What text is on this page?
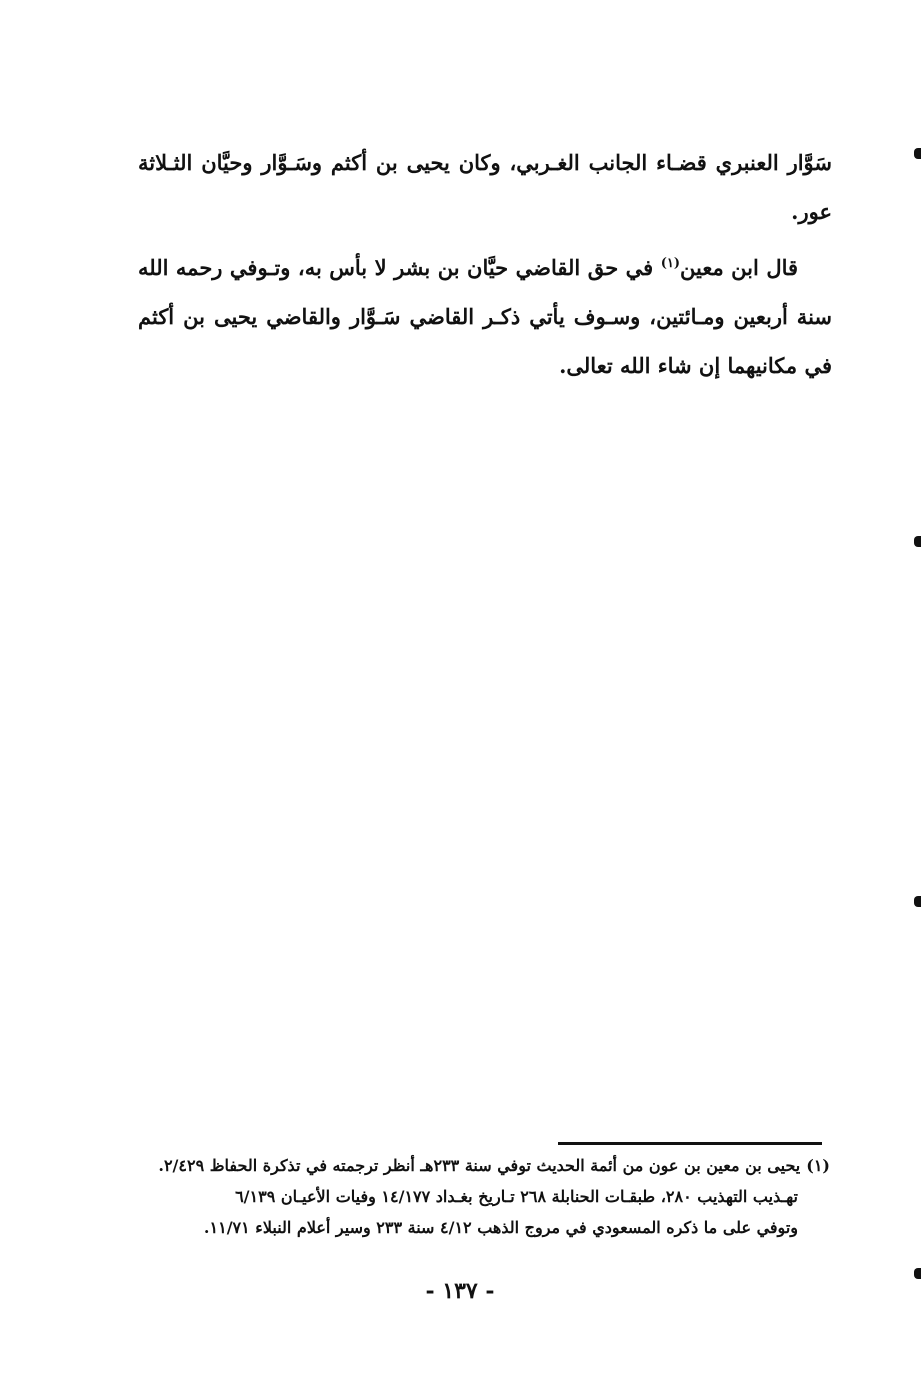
سَوَّار العنبري قضـاء الجانب الغـربي، وكان يحيى بن أكثم وسَـوَّار وحيَّان الثـلاثة عور.

قال ابن معين$^{(١)}$ في حق القاضي حيَّان بن بشر لا بأس به، وتـوفي رحمه الله سنة أربعين ومـائتين، وسـوف يأتي ذكـر القاضي سَـوَّار والقاضي يحيى بن أكثم في مكانيهما إن شاء الله تعالى.

(١)يحيى بن معين بن عون من أئمة الحديث توفي سنة ٢٣٣هـ أنظر ترجمته في تذكرة الحفاظ ٢/٤٢٩.

تهـذيب التهذيب ٢٨٠، طبقـات الحنابلة ٢٦٨ تـاريخ بغـداد ١٤/١٧٧ وفيات الأعيـان ٦/١٣٩

وتوفي على ما ذكره المسعودي في مروج الذهب ٤/١٢ سنة ٢٣٣ وسير أعلام النبلاء ١١/٧١.

- ١٣٧ -
